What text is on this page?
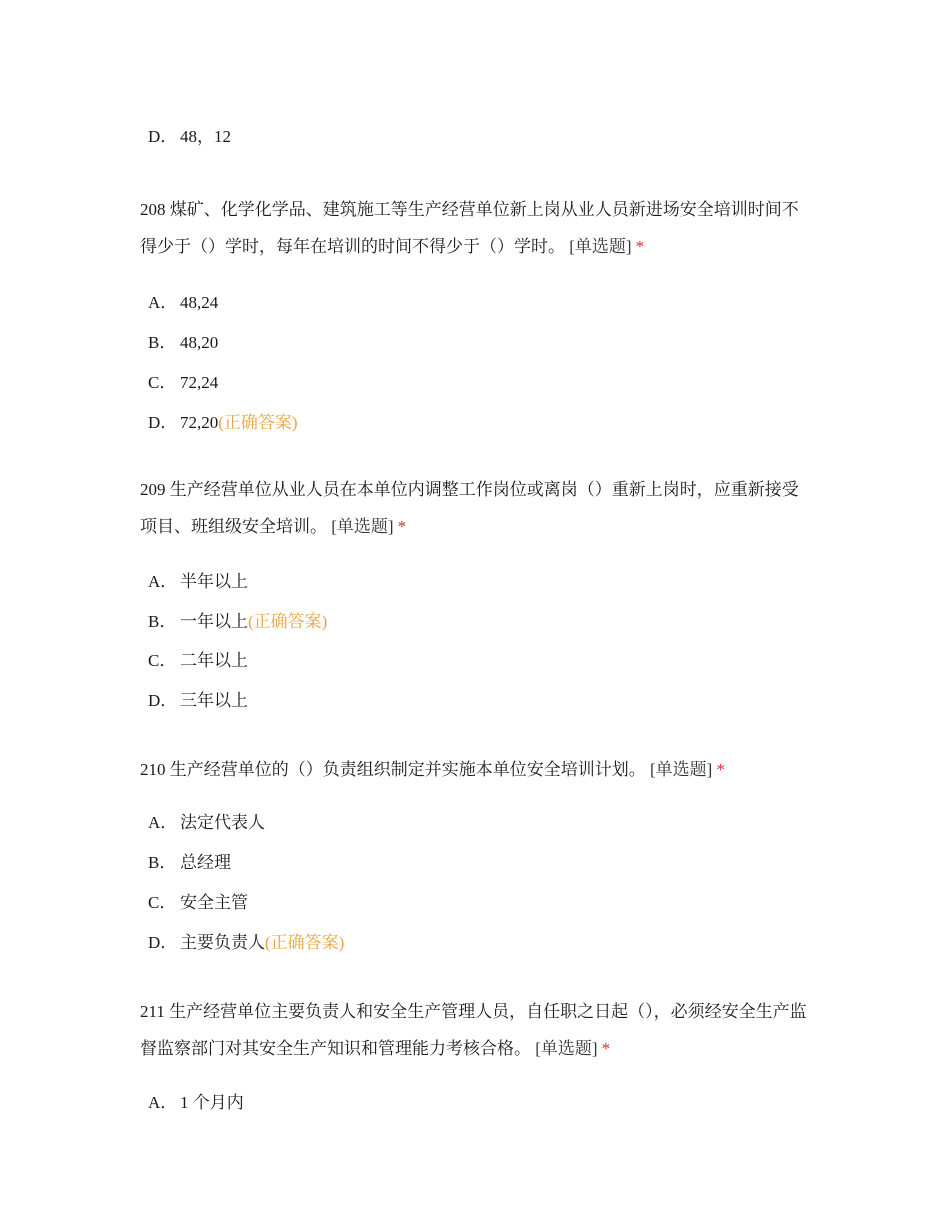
D． 48，12

208 煤矿、化学化学品、建筑施工等生产经营单位新上岗从业人员新进场安全培训时间不得少于（）学时，每年在培训的时间不得少于（）学时。 [单选题] *

A． 48,24
B． 48,20
C． 72,24
D． 72,20(正确答案)

209 生产经营单位从业人员在本单位内调整工作岗位或离岗（）重新上岗时，应重新接受项目、班组级安全培训。 [单选题] *

A． 半年以上
B． 一年以上(正确答案)
C． 二年以上
D． 三年以上

210 生产经营单位的（）负责组织制定并实施本单位安全培训计划。 [单选题] *

A． 法定代表人
B． 总经理
C． 安全主管
D． 主要负责人(正确答案)

211 生产经营单位主要负责人和安全生产管理人员，自任职之日起（），必须经安全生产监督监察部门对其安全生产知识和管理能力考核合格。 [单选题] *

A． 1 个月内
